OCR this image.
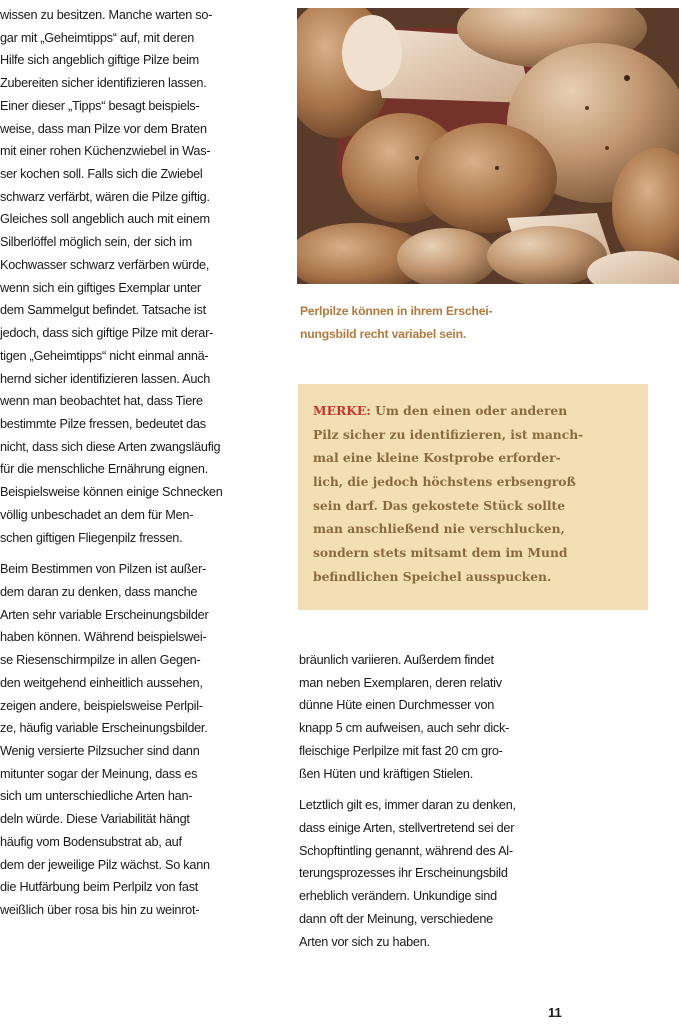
wissen zu besitzen. Manche warten so-
gar mit „Geheimtipps“ auf, mit deren
Hilfe sich angeblich giftige Pilze beim
Zubereiten sicher identifizieren lassen.
Einer dieser „Tipps“ besagt beispiels-
weise, dass man Pilze vor dem Braten
mit einer rohen Küchenzwiebel in Was-
ser kochen soll. Falls sich die Zwiebel
schwarz verfärbt, wären die Pilze giftig.
Gleiches soll angeblich auch mit einem
Silberlöffel möglich sein, der sich im
Kochwasser schwarz verfärben würde,
wenn sich ein giftiges Exemplar unter
dem Sammelgut befindet. Tatsache ist
jedoch, dass sich giftige Pilze mit derar-
tigen „Geheimtipps“ nicht einmal annä-
hernd sicher identifizieren lassen. Auch
wenn man beobachtet hat, dass Tiere
bestimmte Pilze fressen, bedeutet das
nicht, dass sich diese Arten zwangsläufig
für die menschliche Ernährung eignen.
Beispielsweise können einige Schnecken
völlig unbeschadet an dem für Men-
schen giftigen Fliegenpilz fressen.
Beim Bestimmen von Pilzen ist außer-
dem daran zu denken, dass manche
Arten sehr variable Erscheinungsbilder
haben können. Während beispielswei-
se Riesenschirmpilze in allen Gegen-
den weitgehend einheitlich aussehen,
zeigen andere, beispielsweise Perlpil-
ze, häufig variable Erscheinungsbilder.
Wenig versierte Pilzsucher sind dann
mitunter sogar der Meinung, dass es
sich um unterschiedliche Arten han-
deln würde. Diese Variabilität hängt
häufig vom Bodensubstrat ab, auf
dem der jeweilige Pilz wächst. So kann
die Hutfärbung beim Perlpilz von fast
weißlich über rosa bis hin zu weinrot-
Perlpilze können in ihrem Erschei-
nungsbild recht variabel sein.
MERKE: Um den einen oder anderen
Pilz sicher zu identifizieren, ist manch-
mal eine kleine Kostprobe erforder-
lich, die jedoch höchstens erbsengroß
sein darf. Das gekostete Stück sollte
man anschließend nie verschlucken,
sondern stets mitsamt dem im Mund
befindlichen Speichel ausspucken.
bräunlich variieren. Außerdem findet
man neben Exemplaren, deren relativ
dünne Hüte einen Durchmesser von
knapp 5 cm aufweisen, auch sehr dick-
fleischige Perlpilze mit fast 20 cm gro-
ßen Hüten und kräftigen Stielen.
Letztlich gilt es, immer daran zu denken,
dass einige Arten, stellvertretend sei der
Schopftintling genannt, während des Al-
terungsprozesses ihr Erscheinungsbild
erheblich verändern. Unkundige sind
dann oft der Meinung, verschiedene
Arten vor sich zu haben.
11
